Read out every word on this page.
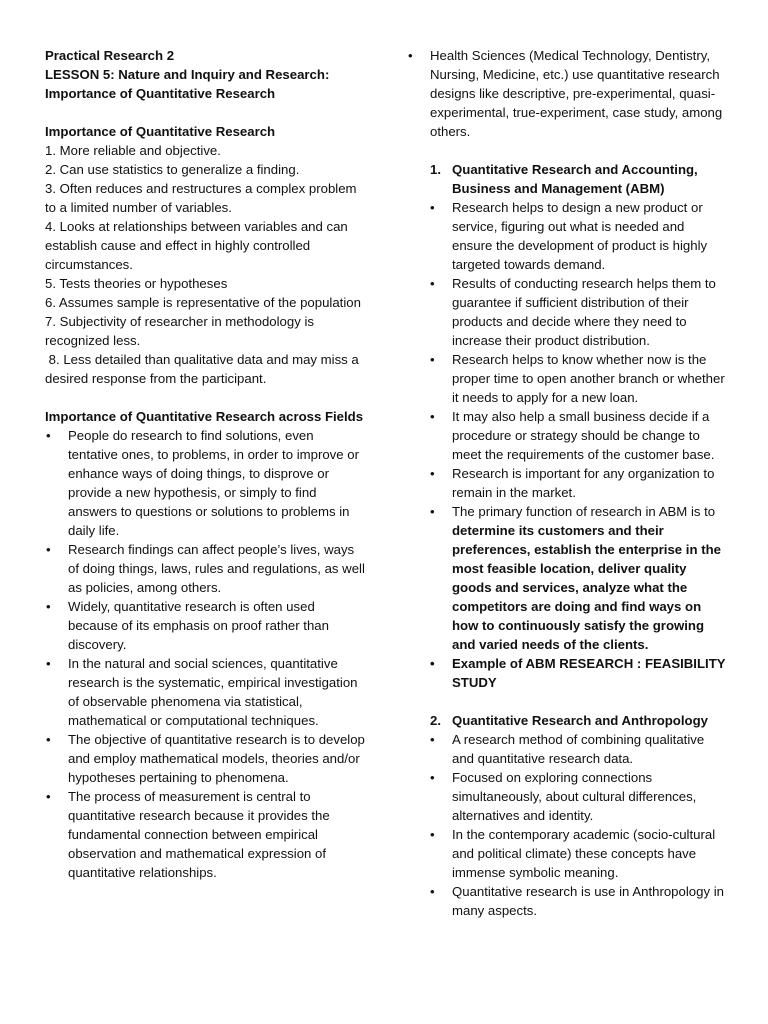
Practical Research 2

LESSON 5: Nature and Inquiry and Research:

Importance of Quantitative Research

Importance of Quantitative Research

1. More reliable and objective.

2. Can use statistics to generalize a finding.

3. Often reduces and restructures a complex problem to a limited number of variables.

4. Looks at relationships between variables and can establish cause and effect in highly controlled circumstances.

5. Tests theories or hypotheses

6. Assumes sample is representative of the population

7. Subjectivity of researcher in methodology is recognized less.

8. Less detailed than qualitative data and may miss a desired response from the participant.

Importance of Quantitative Research across Fields

• People do research to find solutions, even tentative ones, to problems, in order to improve or enhance ways of doing things, to disprove or provide a new hypothesis, or simply to find answers to questions or solutions to problems in daily life.
• Research findings can affect people’s lives, ways of doing things, laws, rules and regulations, as well as policies, among others.
• Widely, quantitative research is often used because of its emphasis on proof rather than discovery.
• In the natural and social sciences, quantitative research is the systematic, empirical investigation of observable phenomena via statistical, mathematical or computational techniques.
• The objective of quantitative research is to develop and employ mathematical models, theories and/or hypotheses pertaining to phenomena.
• The process of measurement is central to quantitative research because it provides the fundamental connection between empirical observation and mathematical expression of quantitative relationships.
• Health Sciences (Medical Technology, Dentistry, Nursing, Medicine, etc.) use quantitative research designs like descriptive, pre-experimental, quasi-experimental, true-experiment, case study, among others.

1. Quantitative Research and Accounting, Business and Management (ABM)

• Research helps to design a new product or service, figuring out what is needed and ensure the development of product is highly targeted towards demand.
• Results of conducting research helps them to guarantee if sufficient distribution of their products and decide where they need to increase their product distribution.
• Research helps to know whether now is the proper time to open another branch or whether it needs to apply for a new loan.
• It may also help a small business decide if a procedure or strategy should be change to meet the requirements of the customer base.
• Research is important for any organization to remain in the market.
• The primary function of research in ABM is to determine its customers and their preferences, establish the enterprise in the most feasible location, deliver quality goods and services, analyze what the competitors are doing and find ways on how to continuously satisfy the growing and varied needs of the clients.
• Example of ABM RESEARCH : FEASIBILITY STUDY

2. Quantitative Research and Anthropology

• A research method of combining qualitative and quantitative research data.
• Focused on exploring connections simultaneously, about cultural differences, alternatives and identity.
• In the contemporary academic (socio-cultural and political climate) these concepts have immense symbolic meaning.
• Quantitative research is use in Anthropology in many aspects.
